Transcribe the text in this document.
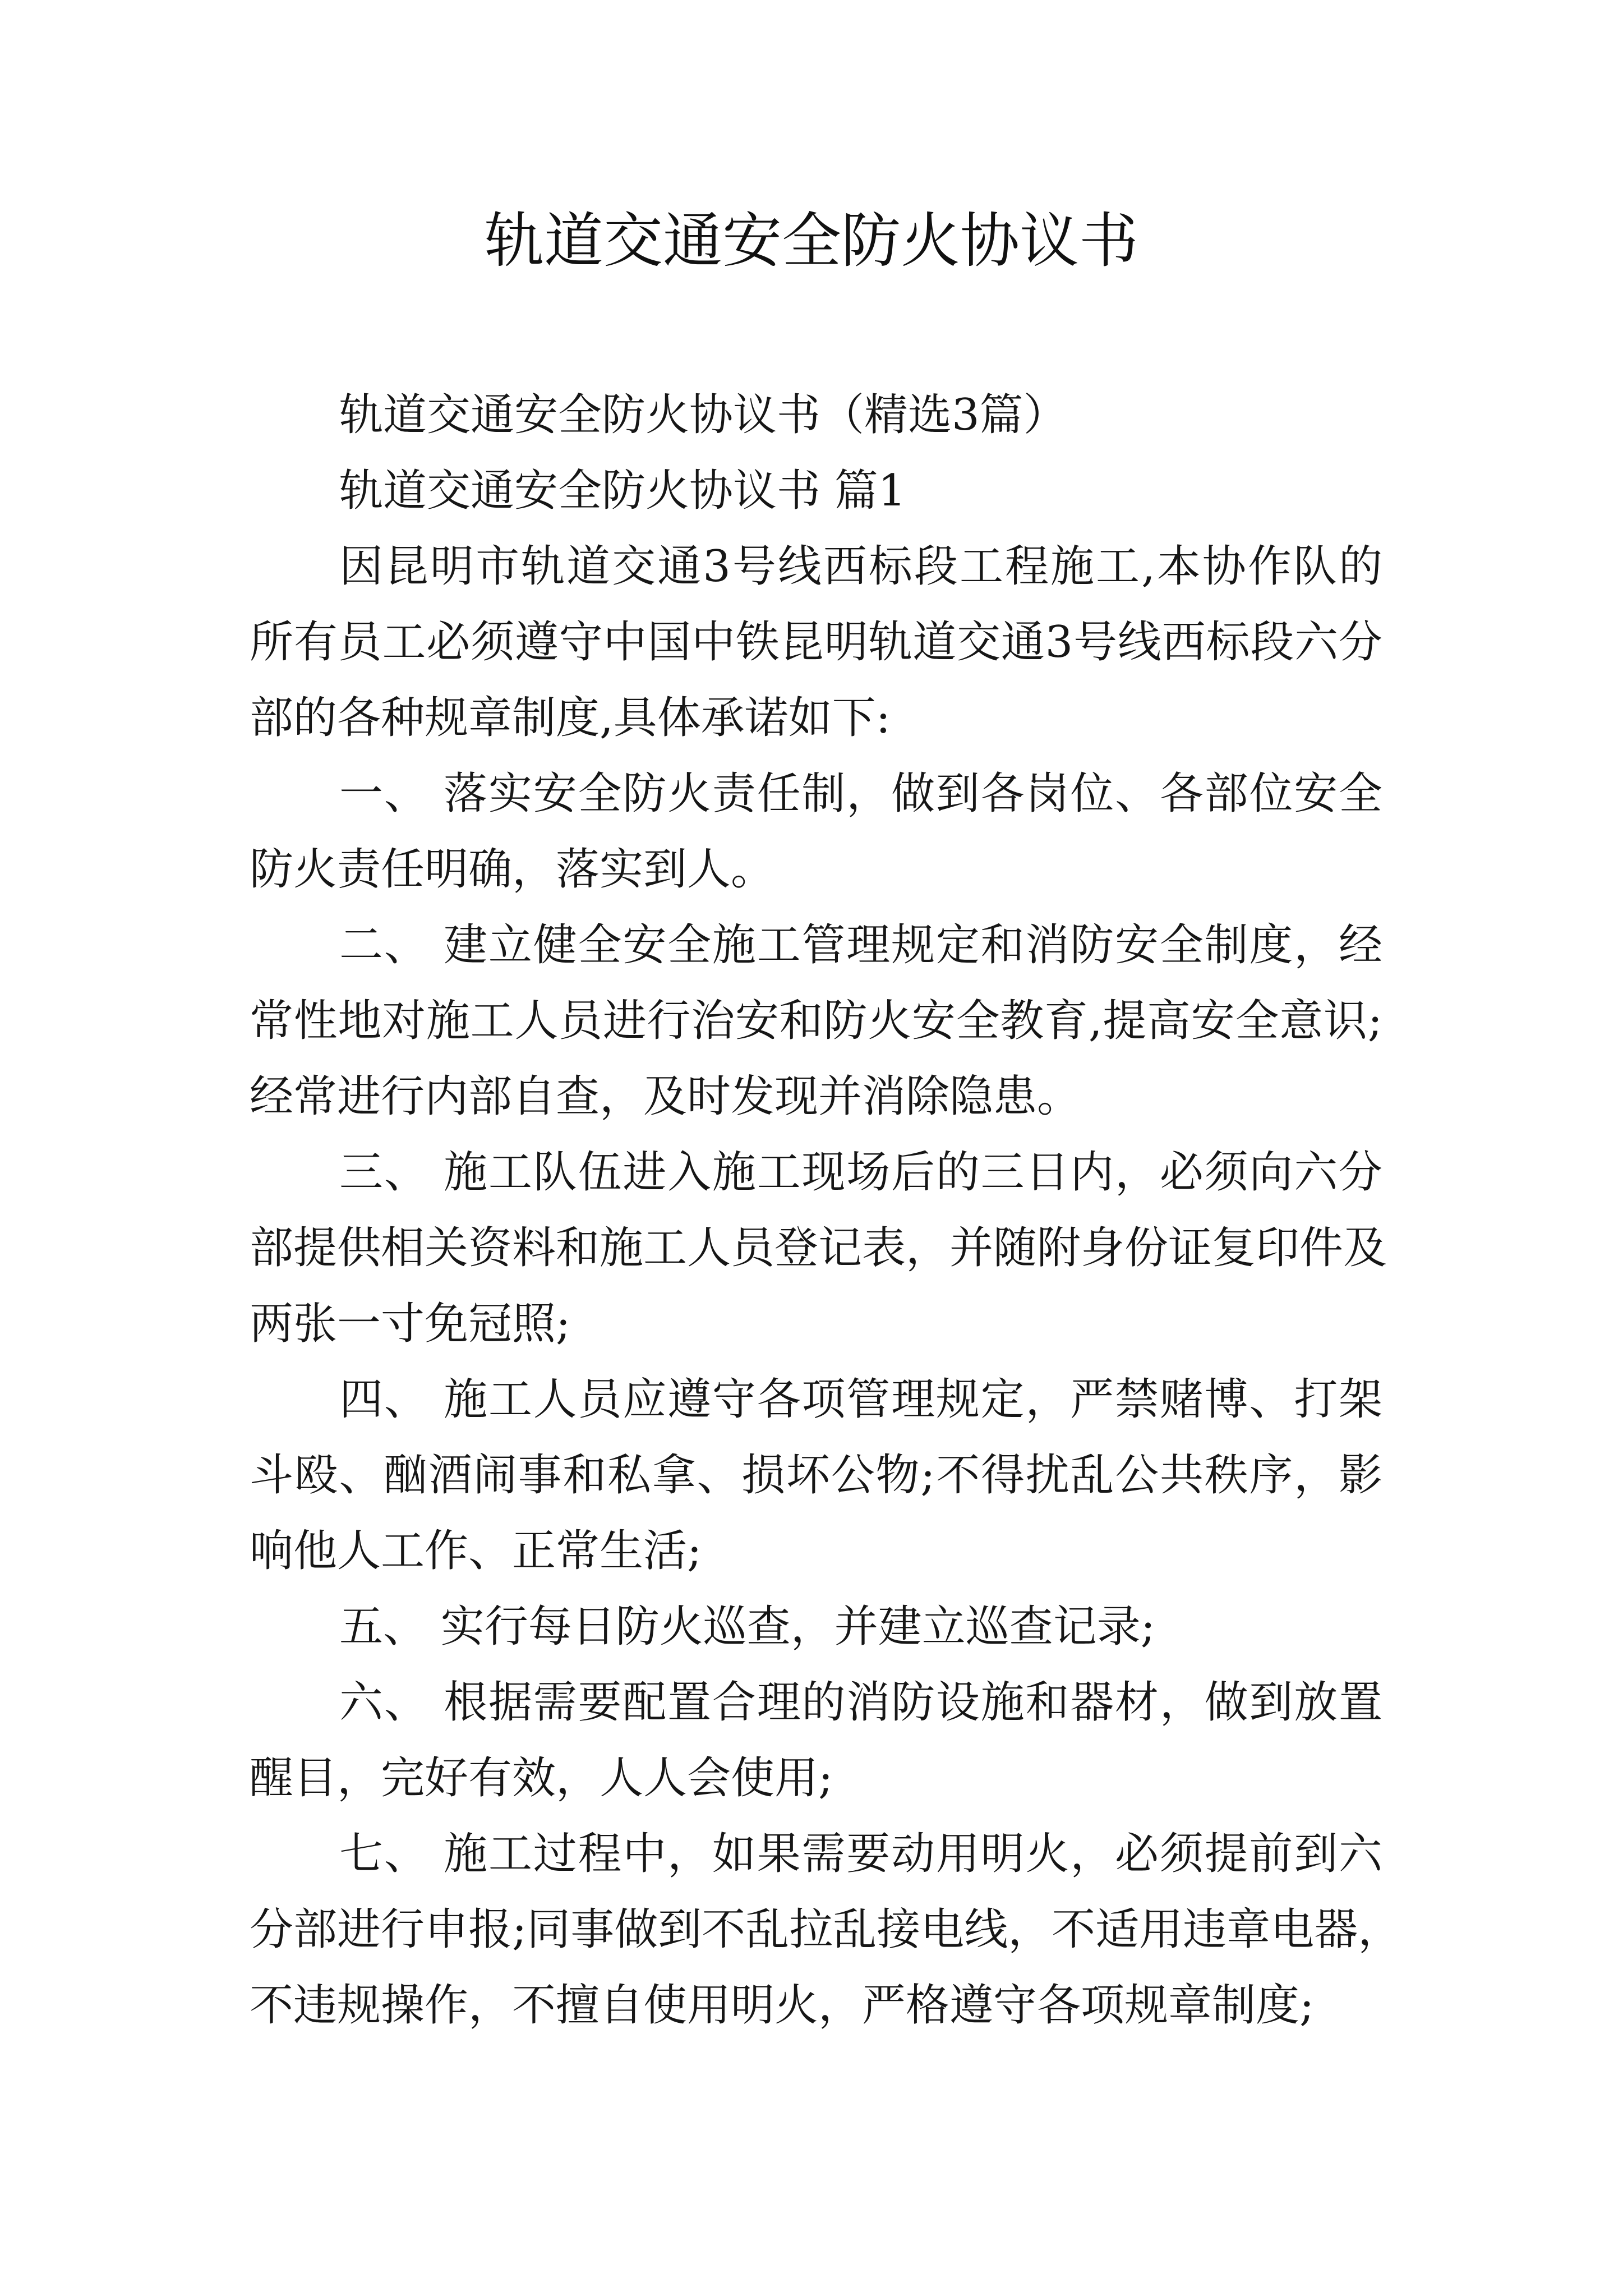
轨道交通安全防火协议书

轨道交通安全防火协议书（精选3篇）

轨道交通安全防火协议书 篇1

因昆明市轨道交通3号线西标段工程施工,本协作队的

所有员工必须遵守中国中铁昆明轨道交通3号线西标段六分

部的各种规章制度,具体承诺如下:

一、 落实安全防火责任制，做到各岗位、各部位安全

防火责任明确，落实到人。

二、 建立健全安全施工管理规定和消防安全制度，经

常性地对施工人员进行治安和防火安全教育,提高安全意识;

经常进行内部自查，及时发现并消除隐患。

三、 施工队伍进入施工现场后的三日内，必须向六分

部提供相关资料和施工人员登记表，并随附身份证复印件及

两张一寸免冠照;

四、 施工人员应遵守各项管理规定，严禁赌博、打架

斗殴、酗酒闹事和私拿、损坏公物;不得扰乱公共秩序，影

响他人工作、正常生活;

五、 实行每日防火巡查，并建立巡查记录;

六、 根据需要配置合理的消防设施和器材，做到放置

醒目，完好有效，人人会使用;

七、 施工过程中，如果需要动用明火，必须提前到六

分部进行申报;同事做到不乱拉乱接电线，不适用违章电器，

不违规操作，不擅自使用明火，严格遵守各项规章制度;
